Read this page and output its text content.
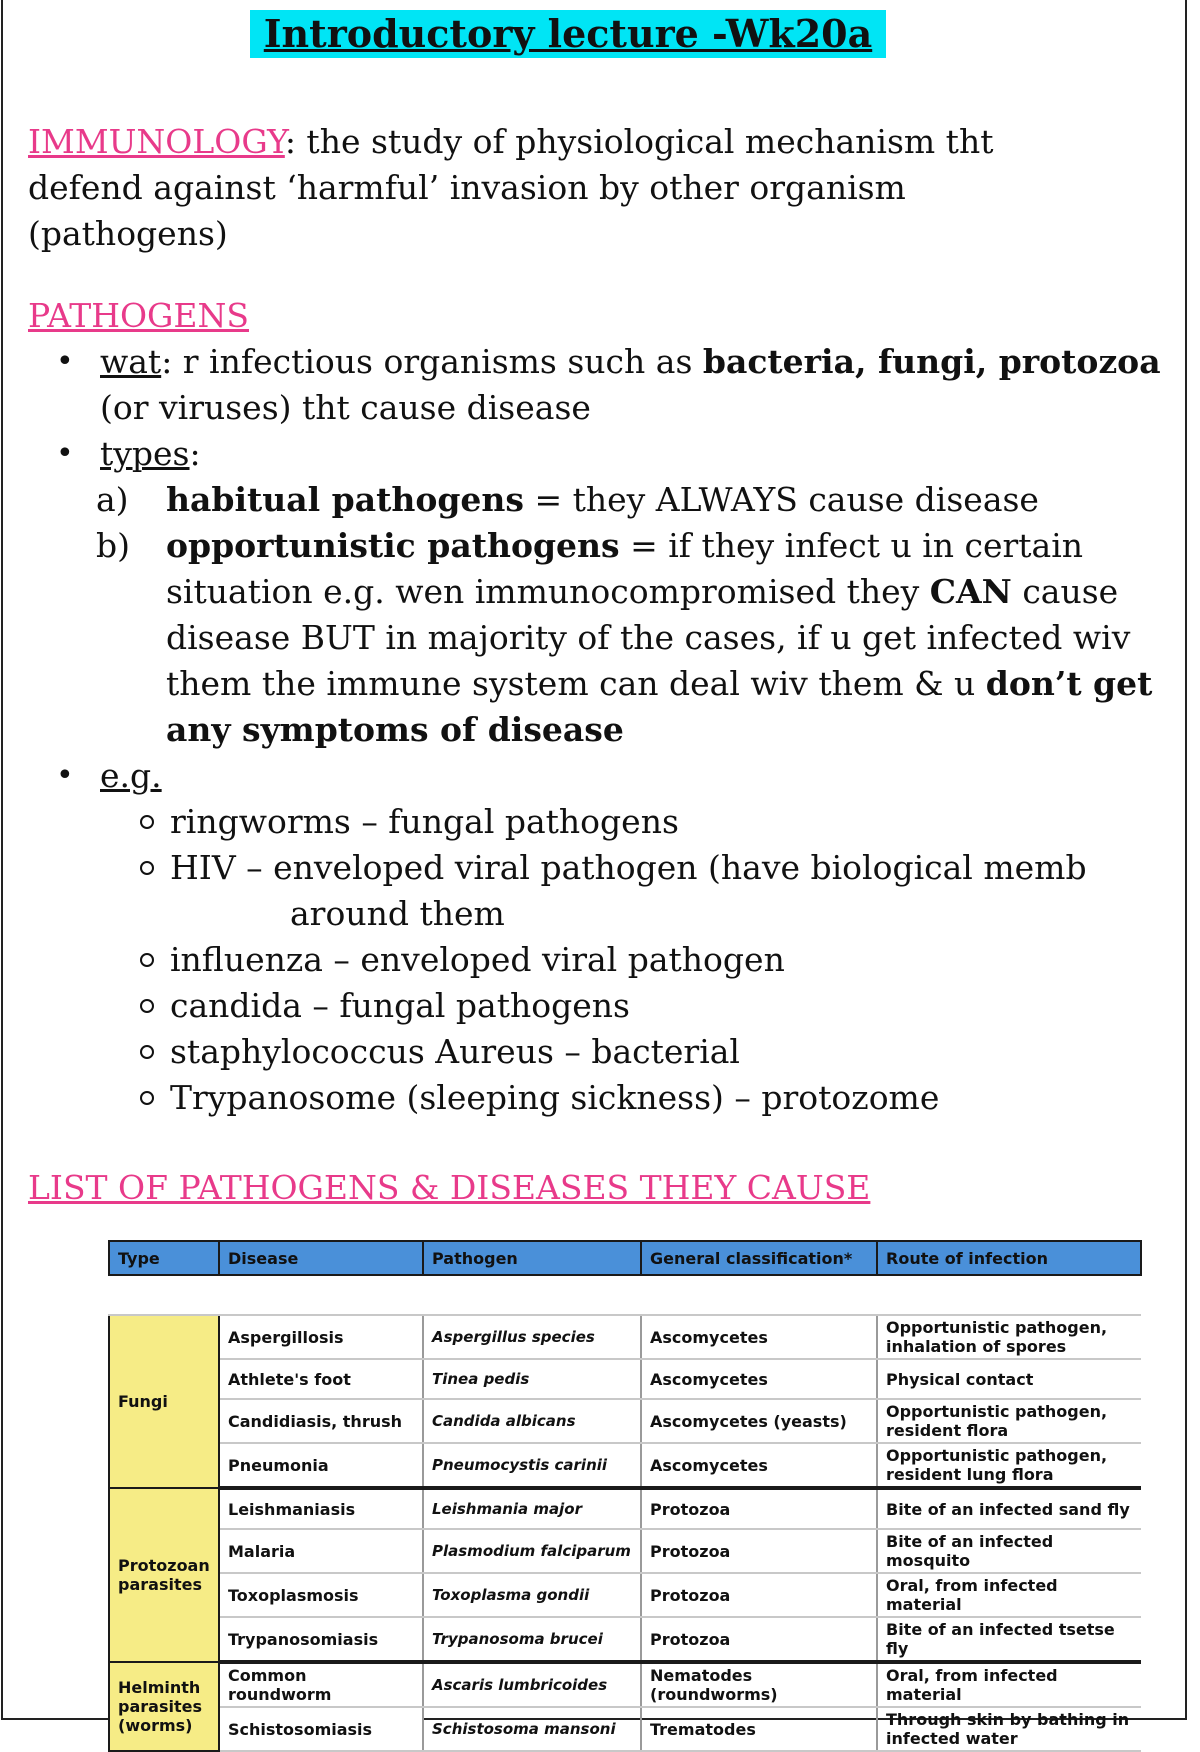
Introductory lecture -Wk20a
IMMUNOLOGY: the study of physiological mechanism tht defend against ‘harmful’ invasion by other organism (pathogens)
PATHOGENS
• wat: r infectious organisms such as bacteria, fungi, protozoa (or viruses) tht cause disease
• types:
a) habitual pathogens = they ALWAYS cause disease
b) opportunistic pathogens = if they infect u in certain situation e.g. wen immunocompromised they CAN cause disease BUT in majority of the cases, if u get infected wiv them the immune system can deal wiv them & u don’t get any symptoms of disease
• e.g.
ringworms – fungal pathogens
HIV – enveloped viral pathogen (have biological memb
around them
influenza – enveloped viral pathogen
candida – fungal pathogens
staphylococcus Aureus – bacterial
Trypanosome (sleeping sickness) – protozome
LIST OF PATHOGENS & DISEASES THEY CAUSE
Type	Disease	Pathogen	General classification*	Route of infection

Fungi	Aspergillosis	Aspergillus species	Ascomycetes	Opportunistic pathogen, inhalation of spores
	Athlete's foot	Tinea pedis	Ascomycetes	Physical contact
	Candidiasis, thrush	Candida albicans	Ascomycetes (yeasts)	Opportunistic pathogen, resident flora
	Pneumonia	Pneumocystis carinii	Ascomycetes	Opportunistic pathogen, resident lung flora
Protozoan parasites	Leishmaniasis	Leishmania major	Protozoa	Bite of an infected sand fly
	Malaria	Plasmodium falciparum	Protozoa	Bite of an infected mosquito
	Toxoplasmosis	Toxoplasma gondii	Protozoa	Oral, from infected material
	Trypanosomiasis	Trypanosoma brucei	Protozoa	Bite of an infected tsetse fly
Helminth parasites (worms)	Common roundworm	Ascaris lumbricoides	Nematodes (roundworms)	Oral, from infected material
	Schistosomiasis	Schistosoma mansoni	Trematodes	Through skin by bathing in infected water
